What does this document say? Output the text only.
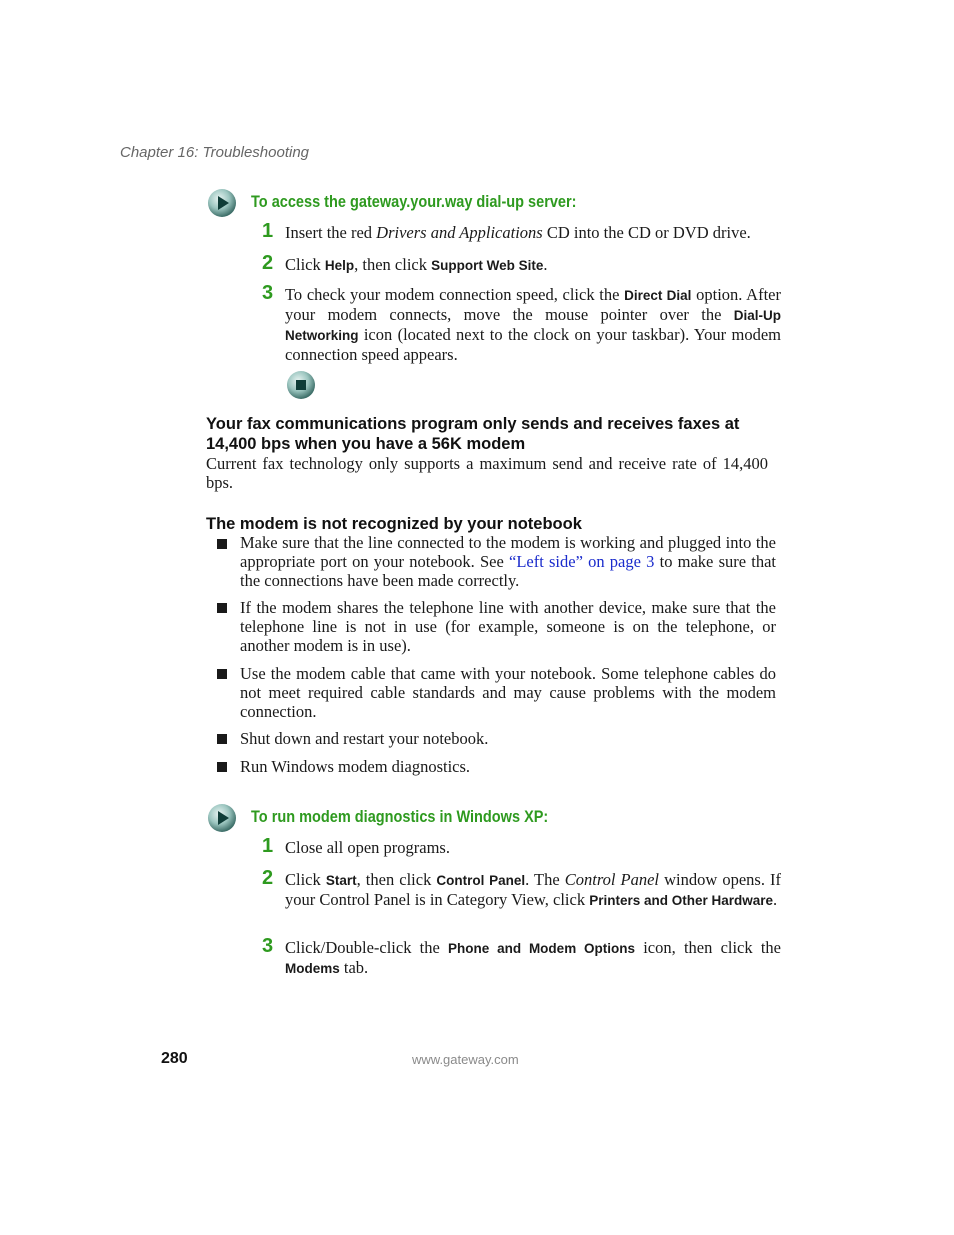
Chapter 16: Troubleshooting
To access the gateway.your.way dial-up server:
1 Insert the red Drivers and Applications CD into the CD or DVD drive.
2 Click Help, then click Support Web Site.
3 To check your modem connection speed, click the Direct Dial option. After your modem connects, move the mouse pointer over the Dial-Up Networking icon (located next to the clock on your taskbar). Your modem connection speed appears.
Your fax communications program only sends and receives faxes at 14,400 bps when you have a 56K modem
Current fax technology only supports a maximum send and receive rate of 14,400 bps.
The modem is not recognized by your notebook
Make sure that the line connected to the modem is working and plugged into the appropriate port on your notebook. See “Left side” on page 3 to make sure that the connections have been made correctly.
If the modem shares the telephone line with another device, make sure that the telephone line is not in use (for example, someone is on the telephone, or another modem is in use).
Use the modem cable that came with your notebook. Some telephone cables do not meet required cable standards and may cause problems with the modem connection.
Shut down and restart your notebook.
Run Windows modem diagnostics.
To run modem diagnostics in Windows XP:
1 Close all open programs.
2 Click Start, then click Control Panel. The Control Panel window opens. If your Control Panel is in Category View, click Printers and Other Hardware.
3 Click/Double-click the Phone and Modem Options icon, then click the Modems tab.
280	www.gateway.com
